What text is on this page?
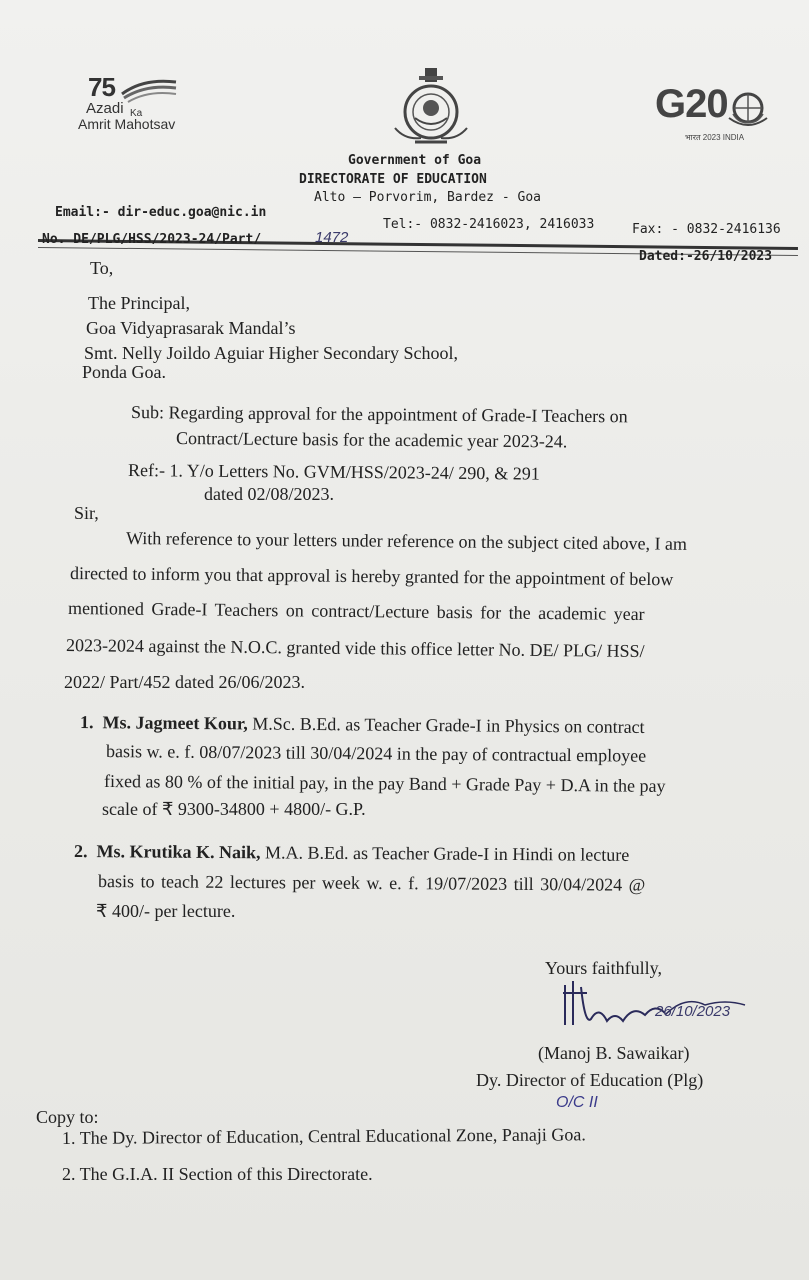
75
Azadi Ka
Amrit Mahotsav	G20
भारत 2023 INDIA
Government of Goa
DIRECTORATE OF EDUCATION
Alto – Porvorim, Bardez - Goa
Email:- dir-educ.goa@nic.in
Tel:- 0832-2416023, 2416033	Fax: - 0832-2416136
No. DE/PLG/HSS/2023-24/Part/	1472
Dated:-26/10/2023
To,
The Principal,
Goa Vidyaprasarak Mandal’s
Smt. Nelly Joildo Aguiar Higher Secondary School,
Ponda Goa.
Sub: Regarding approval for the appointment of Grade-I Teachers on
Contract/Lecture basis for the academic year 2023-24.
Ref:- 1. Y/o Letters No. GVM/HSS/2023-24/ 290, & 291
dated 02/08/2023.
Sir,
With reference to your letters under reference on the subject cited above, I am
directed to inform you that approval is hereby granted for the appointment of below
mentioned Grade-I Teachers on contract/Lecture basis for the academic year
2023-2024 against the N.O.C. granted vide this office letter No. DE/ PLG/ HSS/
2022/ Part/452 dated 26/06/2023.
1. Ms. Jagmeet Kour, M.Sc. B.Ed. as Teacher Grade-I in Physics on contract
basis w. e. f. 08/07/2023 till 30/04/2024 in the pay of contractual employee
fixed as 80 % of the initial pay, in the pay Band + Grade Pay + D.A in the pay
scale of ₹ 9300-34800 + 4800/- G.P.
2. Ms. Krutika K. Naik, M.A. B.Ed. as Teacher Grade-I in Hindi on lecture
basis to teach 22 lectures per week w. e. f. 19/07/2023 till 30/04/2024 @
₹ 400/- per lecture.
Yours faithfully,
26/10/2023
(Manoj B. Sawaikar)
Dy. Director of Education (Plg)
O/C II
Copy to:
1. The Dy. Director of Education, Central Educational Zone, Panaji Goa.
2. The G.I.A. II Section of this Directorate.
